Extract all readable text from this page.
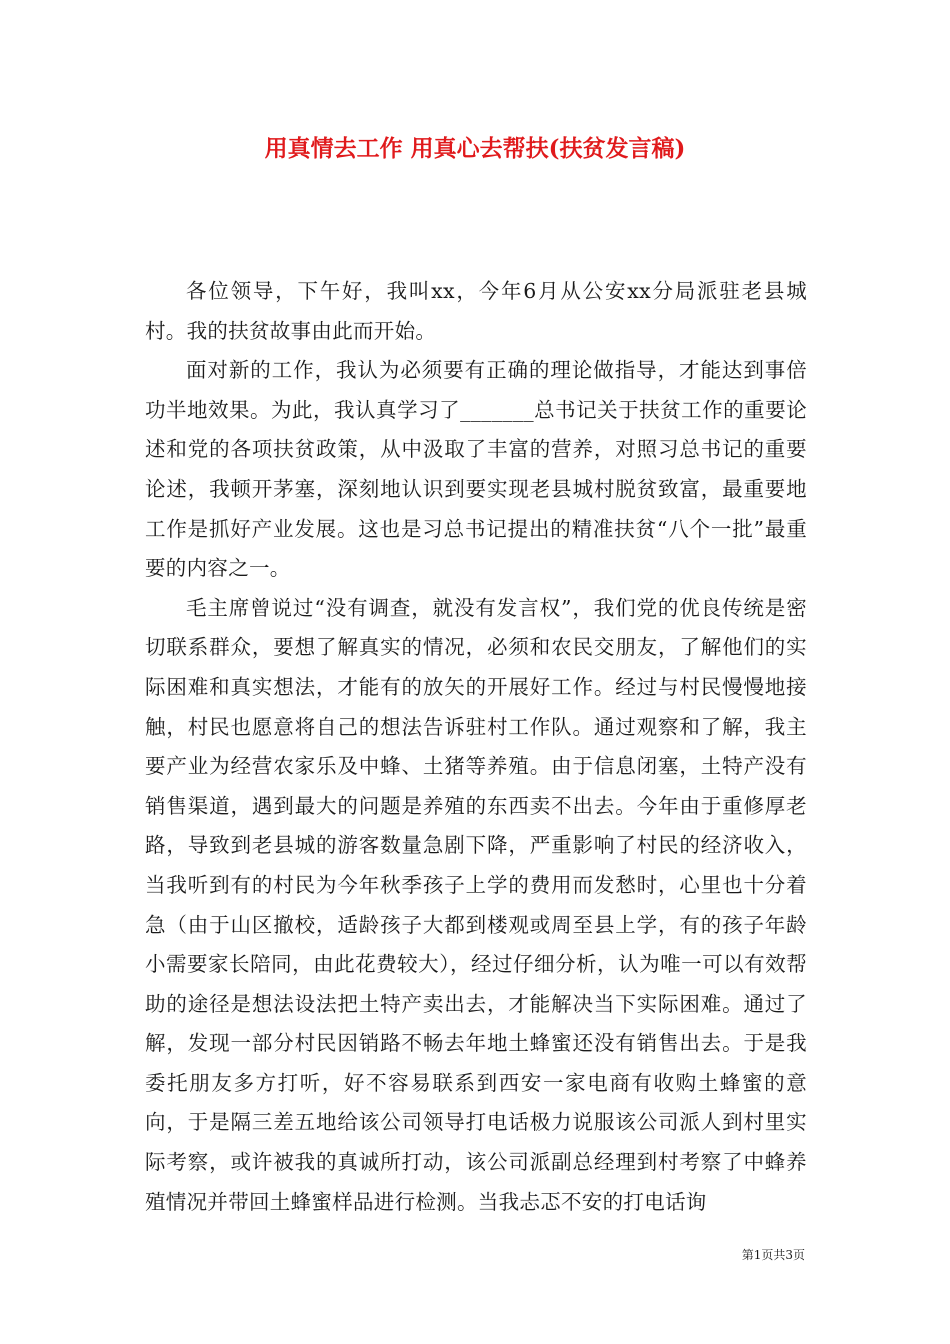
用真情去工作 用真心去帮扶(扶贫发言稿)

各位领导，下午好，我叫xx，今年6月从公安xx分局派驻老县城村。我的扶贫故事由此而开始。

面对新的工作，我认为必须要有正确的理论做指导，才能达到事倍功半地效果。为此，我认真学习了_______总书记关于扶贫工作的重要论述和党的各项扶贫政策，从中汲取了丰富的营养，对照习总书记的重要论述，我顿开茅塞，深刻地认识到要实现老县城村脱贫致富，最重要地工作是抓好产业发展。这也是习总书记提出的精准扶贫“八个一批”最重要的内容之一。

毛主席曾说过“没有调查，就没有发言权”，我们党的优良传统是密切联系群众，要想了解真实的情况，必须和农民交朋友，了解他们的实际困难和真实想法，才能有的放矢的开展好工作。经过与村民慢慢地接触，村民也愿意将自己的想法告诉驻村工作队。通过观察和了解，我主要产业为经营农家乐及中蜂、土猪等养殖。由于信息闭塞，土特产没有销售渠道，遇到最大的问题是养殖的东西卖不出去。今年由于重修厚老路，导致到老县城的游客数量急剧下降，严重影响了村民的经济收入，当我听到有的村民为今年秋季孩子上学的费用而发愁时，心里也十分着急（由于山区撤校，适龄孩子大都到楼观或周至县上学，有的孩子年龄小需要家长陪同，由此花费较大），经过仔细分析，认为唯一可以有效帮助的途径是想法设法把土特产卖出去，才能解决当下实际困难。通过了解，发现一部分村民因销路不畅去年地土蜂蜜还没有销售出去。于是我委托朋友多方打听，好不容易联系到西安一家电商有收购土蜂蜜的意向，于是隔三差五地给该公司领导打电话极力说服该公司派人到村里实际考察，或许被我的真诚所打动，该公司派副总经理到村考察了中蜂养殖情况并带回土蜂蜜样品进行检测。当我忐忑不安的打电话询

第1页共3页
